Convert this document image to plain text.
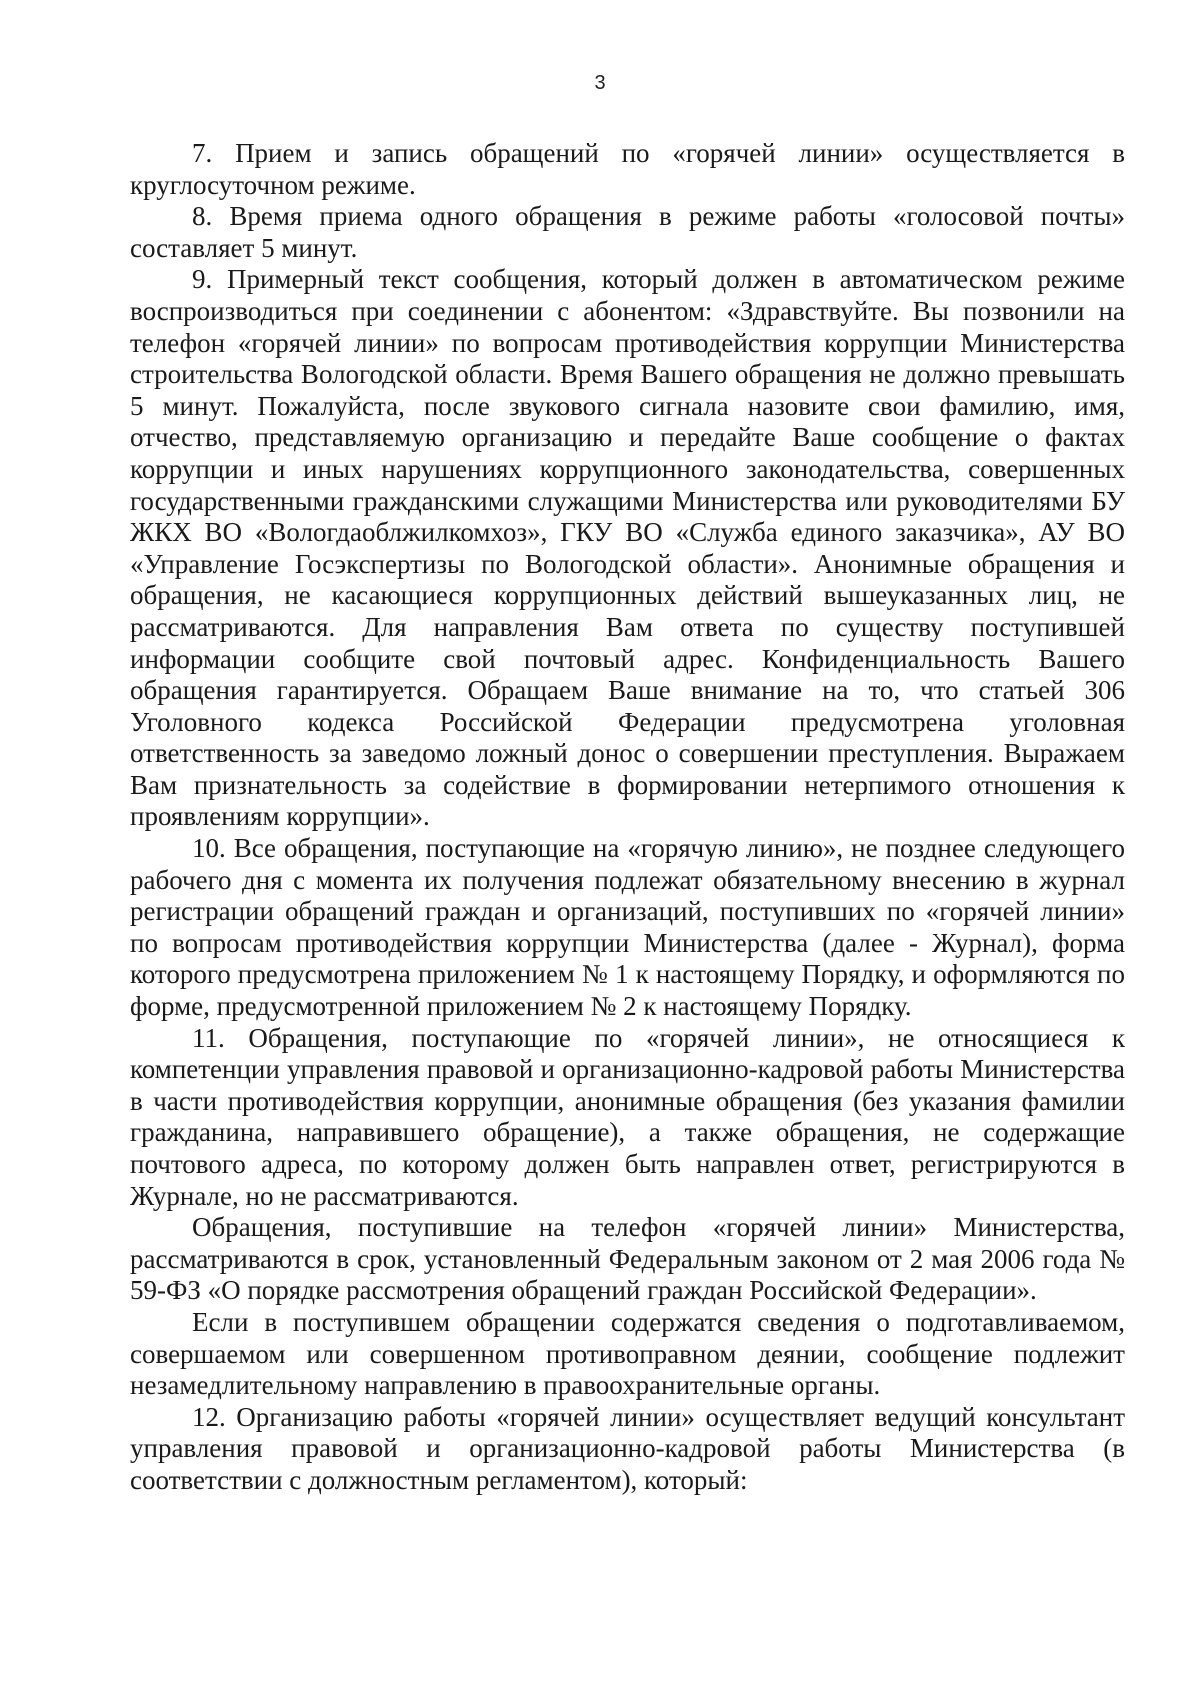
3

7. Прием и запись обращений по «горячей линии» осуществляется в круглосуточном режиме.

8. Время приема одного обращения в режиме работы «голосовой почты» составляет 5 минут.

9. Примерный текст сообщения, который должен в автоматическом режиме воспроизводиться при соединении с абонентом: «Здравствуйте. Вы позвонили на телефон «горячей линии» по вопросам противодействия коррупции Министерства строительства Вологодской области. Время Вашего обращения не должно превышать 5 минут. Пожалуйста, после звукового сигнала назовите свои фамилию, имя, отчество, представляемую организацию и передайте Ваше сообщение о фактах коррупции и иных нарушениях коррупционного законодательства, совершенных государственными гражданскими служащими Министерства или руководителями БУ ЖКХ ВО «Вологдаоблжилкомхоз», ГКУ ВО «Служба единого заказчика», АУ ВО «Управление Госэкспертизы по Вологодской области». Анонимные обращения и обращения, не касающиеся коррупционных действий вышеуказанных лиц, не рассматриваются. Для направления Вам ответа по существу поступившей информации сообщите свой почтовый адрес. Конфиденциальность Вашего обращения гарантируется. Обращаем Ваше внимание на то, что статьей 306 Уголовного кодекса Российской Федерации предусмотрена уголовная ответственность за заведомо ложный донос о совершении преступления. Выражаем Вам признательность за содействие в формировании нетерпимого отношения к проявлениям коррупции».

10. Все обращения, поступающие на «горячую линию», не позднее следующего рабочего дня с момента их получения подлежат обязательному внесению в журнал регистрации обращений граждан и организаций, поступивших по «горячей линии» по вопросам противодействия коррупции Министерства (далее - Журнал), форма которого предусмотрена приложением № 1 к настоящему Порядку, и оформляются по форме, предусмотренной приложением № 2 к настоящему Порядку.

11. Обращения, поступающие по «горячей линии», не относящиеся к компетенции управления правовой и организационно-кадровой работы Министерства в части противодействия коррупции, анонимные обращения (без указания фамилии гражданина, направившего обращение), а также обращения, не содержащие почтового адреса, по которому должен быть направлен ответ, регистрируются в Журнале, но не рассматриваются.

Обращения, поступившие на телефон «горячей линии» Министерства, рассматриваются в срок, установленный Федеральным законом от 2 мая 2006 года № 59-ФЗ «О порядке рассмотрения обращений граждан Российской Федерации».

Если в поступившем обращении содержатся сведения о подготавливаемом, совершаемом или совершенном противоправном деянии, сообщение подлежит незамедлительному направлению в правоохранительные органы.

12. Организацию работы «горячей линии» осуществляет ведущий консультант управления правовой и организационно-кадровой работы Министерства (в соответствии с должностным регламентом), который:
